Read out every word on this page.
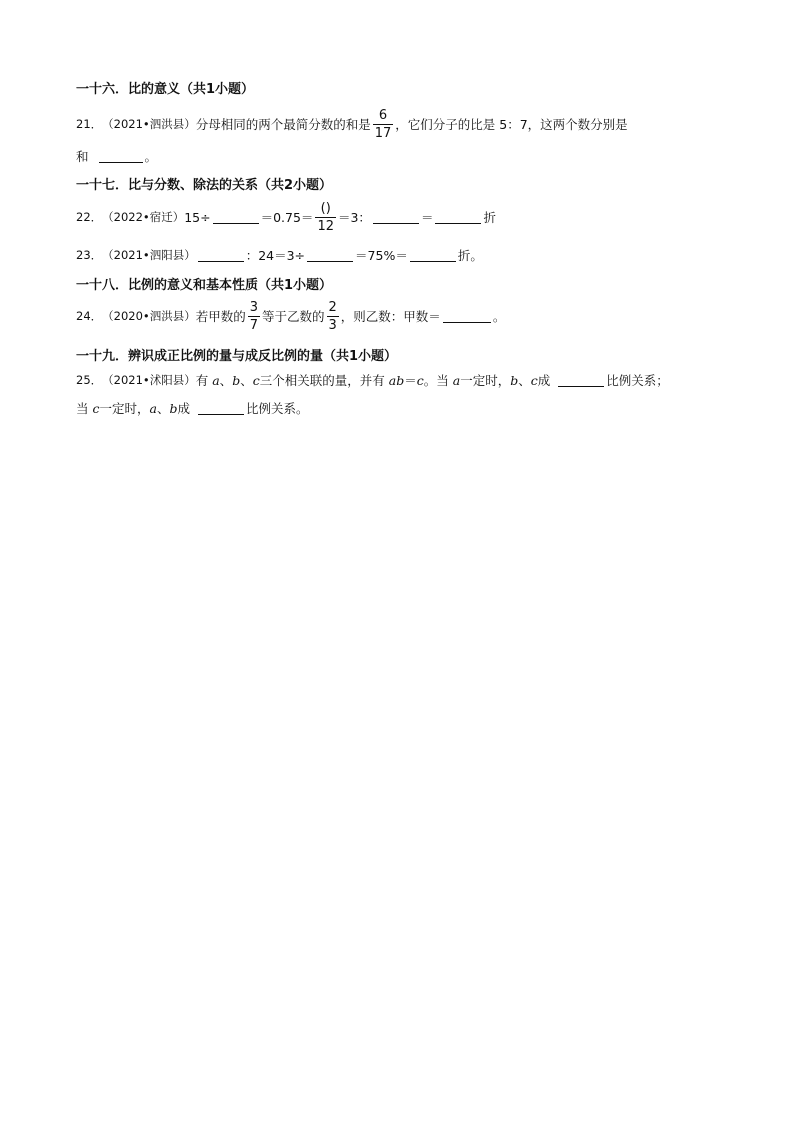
一十六．比的意义（共1小题）
21． （2021•泗洪县） 分母相同的两个最简分数的和是 $\frac{6}{17}$ ，它们分子的比是 5：7，这两个数分别是
和	。
一十七．比与分数、除法的关系（共2小题）
22． （2022•宿迁） 15÷	$=0.75= \frac{()}{12} =3$：	＝	折
23． （2021•泗阳县）	：24＝3÷	＝75%＝	折。
一十八．比例的意义和基本性质（共1小题）
24． （2020•泗洪县） 若甲数的 $\frac{3}{7}$ 等于乙数的 $\frac{2}{3}$ ，则乙数：甲数＝	。
一十九．辨识成正比例的量与成反比例的量（共1小题）
25． （2021•沭阳县） 有 a 、 b 、 c 三个相关联的量，并有 ab ＝ c 。当 a 一定时， b 、 c 成	比例关系；
当 c 一定时， a 、 b 成	比例关系。
